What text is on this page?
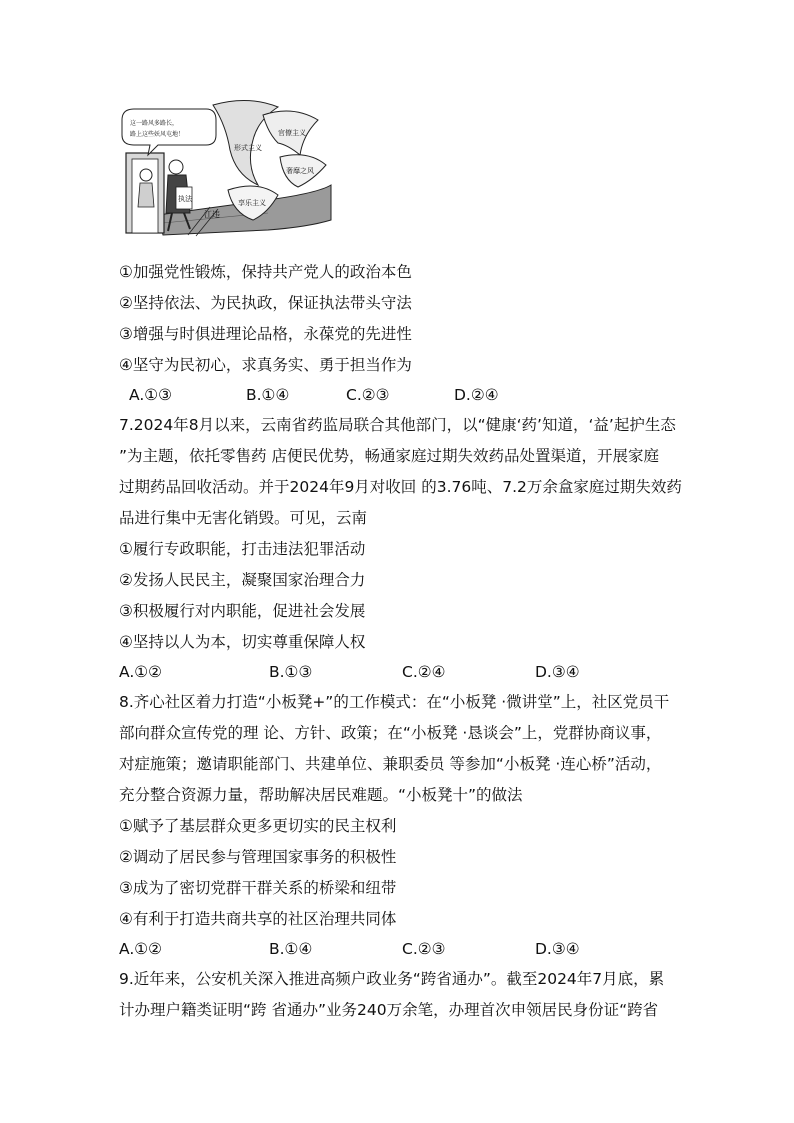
形式主义
官僚主义
奢靡之风
享乐主义
这一路风多路长，
路上这些妖风屯地！
执法
江违
①加强党性锻炼，保持共产党人的政治本色
②坚持依法、为民执政，保证执法带头守法
③增强与时俱进理论品格，永葆党的先进性
④坚守为民初心，求真务实、勇于担当作为
A.①③	B.①④	C.②③	D.②④
7.2024年8月以来，云南省药监局联合其他部门，以“健康‘药’知道，‘益’起护生态
”为主题，依托零售药 店便民优势，畅通家庭过期失效药品处置渠道，开展家庭
过期药品回收活动。并于2024年9月对收回 的3.76吨、7.2万余盒家庭过期失效药
品进行集中无害化销毁。可见，云南
①履行专政职能，打击违法犯罪活动
②发扬人民民主，凝聚国家治理合力
③积极履行对内职能，促进社会发展
④坚持以人为本，切实尊重保障人权
A.①②	B.①③	C.②④	D.③④
8.齐心社区着力打造“小板凳+”的工作模式：在“小板凳 ·微讲堂”上，社区党员干
部向群众宣传党的理 论、方针、政策；在“小板凳 ·恳谈会”上，党群协商议事，
对症施策；邀请职能部门、共建单位、兼职委员 等参加“小板凳 ·连心桥”活动，
充分整合资源力量，帮助解决居民难题。“小板凳十”的做法
①赋予了基层群众更多更切实的民主权利
②调动了居民参与管理国家事务的积极性
③成为了密切党群干群关系的桥梁和纽带
④有利于打造共商共享的社区治理共同体
A.①②	B.①④	C.②③	D.③④
9.近年来，公安机关深入推进高频户政业务“跨省通办”。截至2024年7月底，累
计办理户籍类证明“跨 省通办”业务240万余笔，办理首次申领居民身份证“跨省
